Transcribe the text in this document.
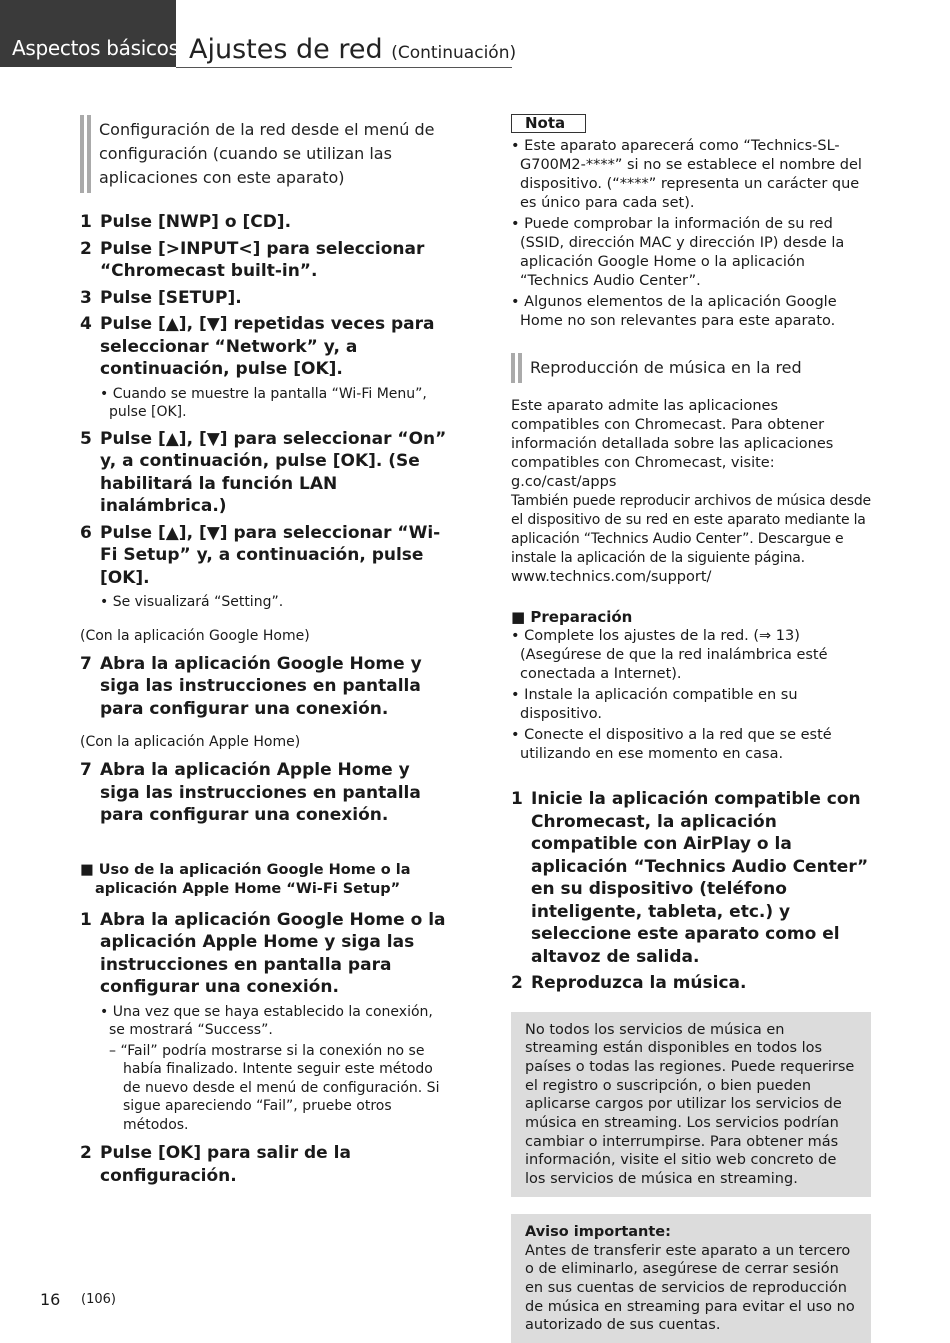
Aspectos básicos Ajustes de red (Continuación)
Configuración de la red desde el menú de configuración (cuando se utilizan las aplicaciones con este aparato)
1 Pulse [NWP] o [CD].
2 Pulse [>INPUT<] para seleccionar “Chromecast built-in”.
3 Pulse [SETUP].
4 Pulse [▲], [▼] repetidas veces para seleccionar “Network” y, a continuación, pulse [OK].

• Cuando se muestre la pantalla “Wi-Fi Menu”, pulse [OK].

5 Pulse [▲], [▼] para seleccionar “On” y, a continuación, pulse [OK]. (Se habilitará la función LAN inalámbrica.)
6 Pulse [▲], [▼] para seleccionar “Wi-Fi Setup” y, a continuación, pulse [OK].

• Se visualizará “Setting”.

(Con la aplicación Google Home)

7 Abra la aplicación Google Home y siga las instrucciones en pantalla para configurar una conexión.

(Con la aplicación Apple Home)

7 Abra la aplicación Apple Home y siga las instrucciones en pantalla para configurar una conexión.
■ Uso de la aplicación Google Home o la aplicación Apple Home “Wi-Fi Setup”
1 Abra la aplicación Google Home o la aplicación Apple Home y siga las instrucciones en pantalla para configurar una conexión.

• Una vez que se haya establecido la conexión, se mostrará “Success”.

– “Fail” podría mostrarse si la conexión no se había finalizado. Intente seguir este método de nuevo desde el menú de configuración. Si sigue apareciendo “Fail”, pruebe otros métodos.

2 Pulse [OK] para salir de la configuración.
Nota

• Este aparato aparecerá como “Technics-SL-G700M2-****” si no se establece el nombre del dispositivo. (“****” representa un carácter que es único para cada set).

• Puede comprobar la información de su red (SSID, dirección MAC y dirección IP) desde la aplicación Google Home o la aplicación “Technics Audio Center”.

• Algunos elementos de la aplicación Google Home no son relevantes para este aparato.

Reproducción de música en la red

Este aparato admite las aplicaciones compatibles con Chromecast. Para obtener información detallada sobre las aplicaciones compatibles con Chromecast, visite:

g.co/cast/apps

También puede reproducir archivos de música desde el dispositivo de su red en este aparato mediante la aplicación “Technics Audio Center”. Descargue e instale la aplicación de la siguiente página.

www.technics.com/support/

■ Preparación

• Complete los ajustes de la red. (⇒ 13) (Asegúrese de que la red inalámbrica esté conectada a Internet).

• Instale la aplicación compatible en su dispositivo.

• Conecte el dispositivo a la red que se esté utilizando en ese momento en casa.

1 Inicie la aplicación compatible con Chromecast, la aplicación compatible con AirPlay o la aplicación “Technics Audio Center” en su dispositivo (teléfono inteligente, tableta, etc.) y seleccione este aparato como el altavoz de salida.
2 Reproduzca la música.
No todos los servicios de música en streaming están disponibles en todos los países o todas las regiones. Puede requerirse el registro o suscripción, o bien pueden aplicarse cargos por utilizar los servicios de música en streaming. Los servicios podrían cambiar o interrumpirse. Para obtener más información, visite el sitio web concreto de los servicios de música en streaming.
Aviso importante:
Antes de transferir este aparato a un tercero o de eliminarlo, asegúrese de cerrar sesión en sus cuentas de servicios de reproducción de música en streaming para evitar el uso no autorizado de sus cuentas.
16 (106)
